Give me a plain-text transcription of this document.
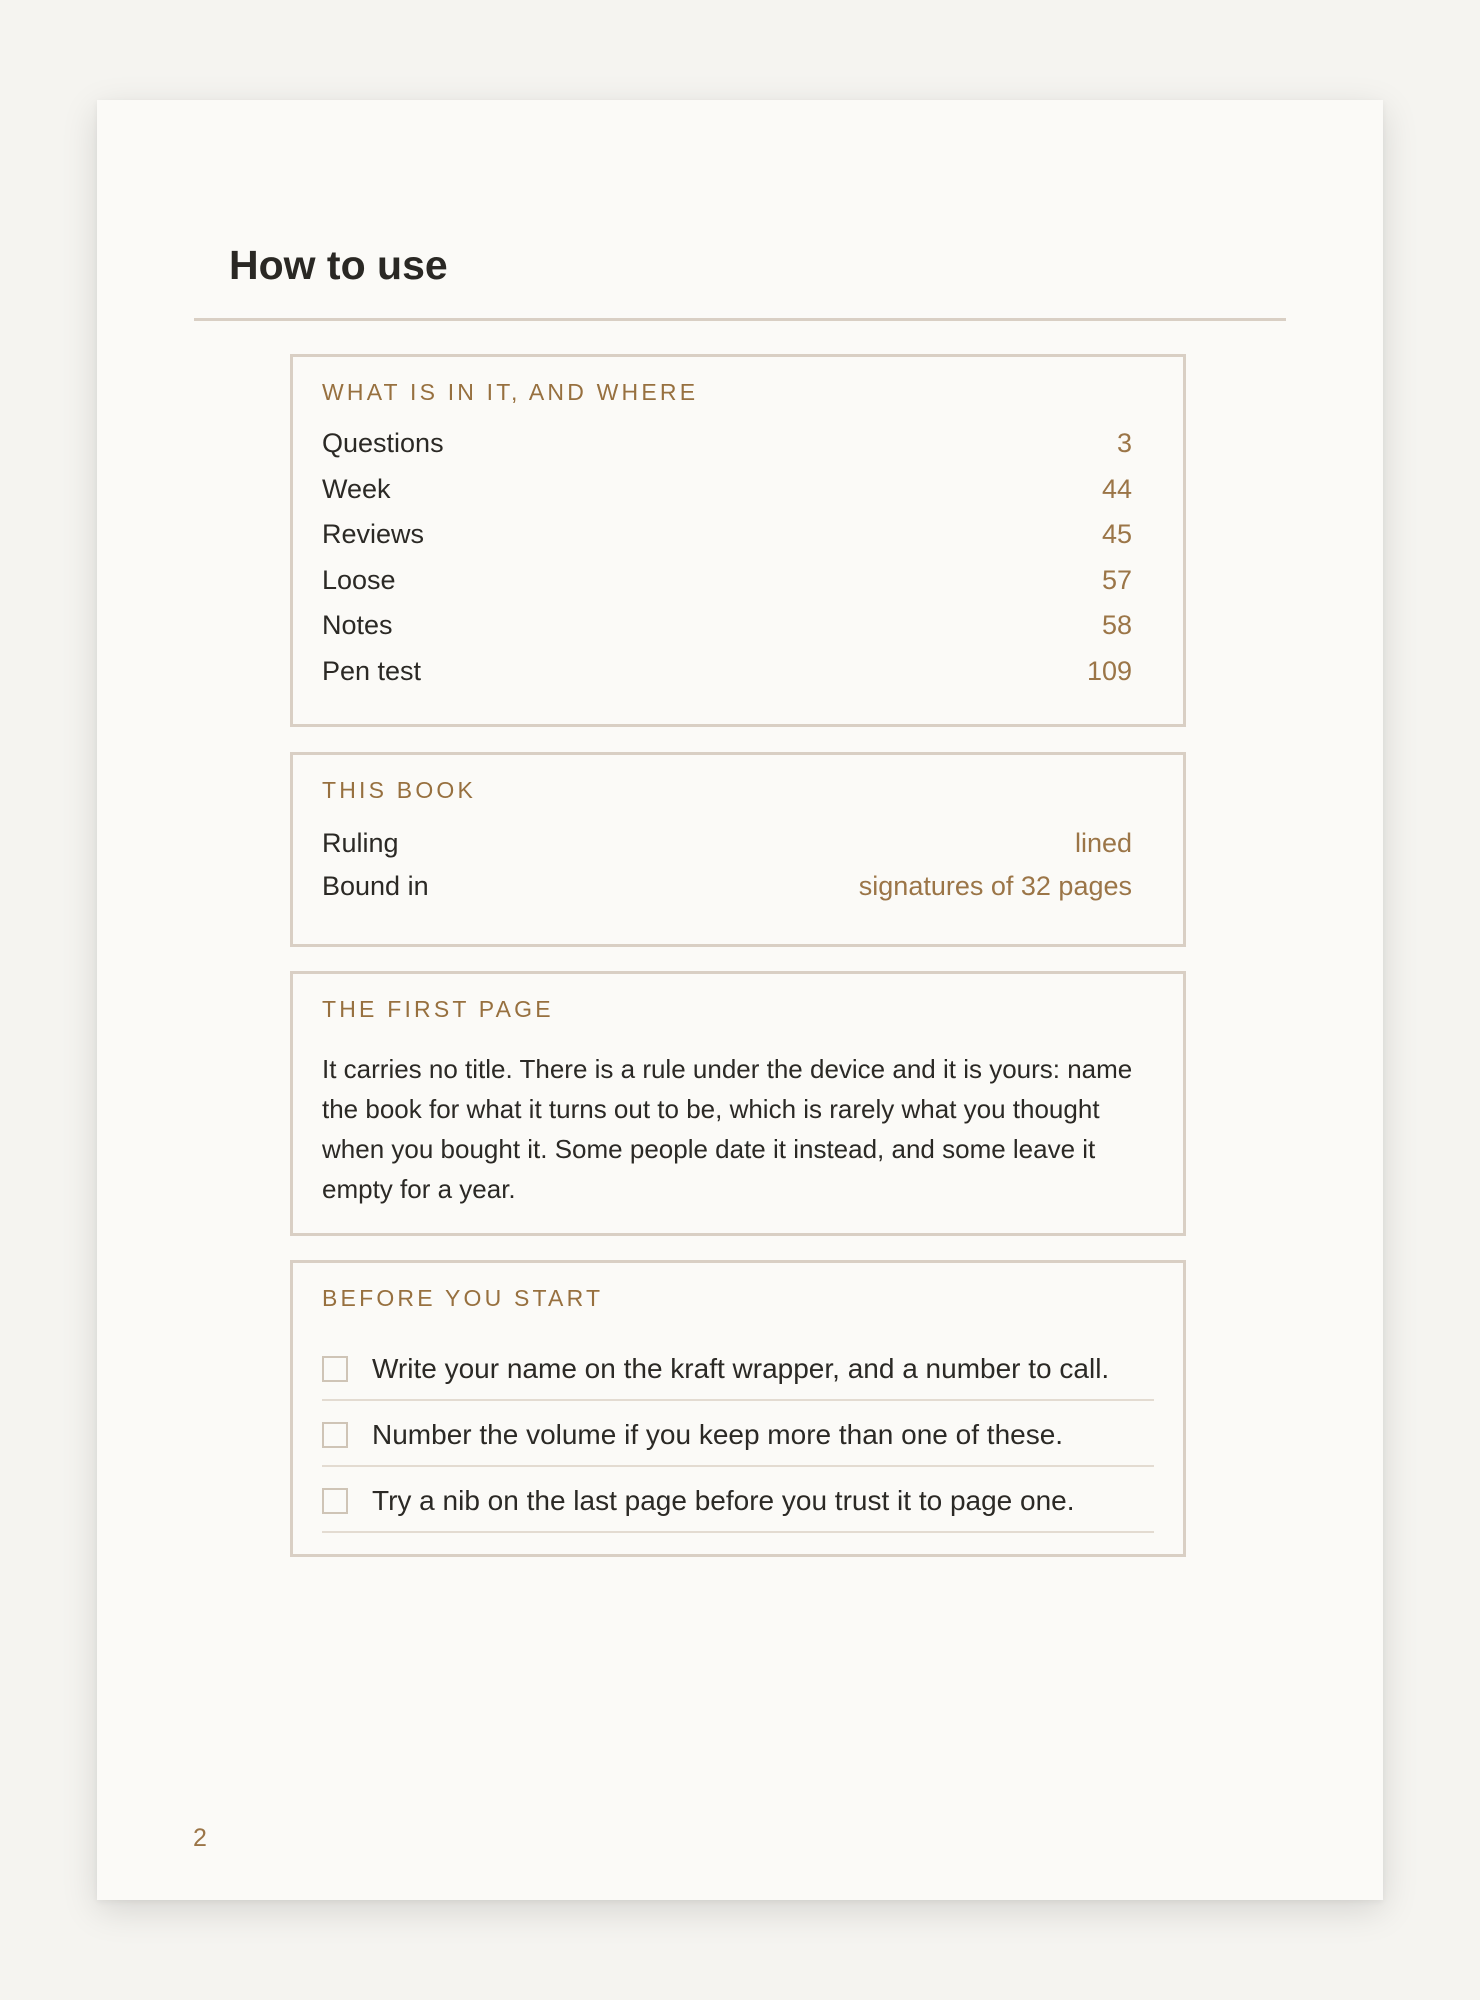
How to use
WHAT IS IN IT, AND WHERE
Questions	3
Week	44
Reviews	45
Loose	57
Notes	58
Pen test	109
THIS BOOK
Ruling	lined
Bound in	signatures of 32 pages
THE FIRST PAGE

It carries no title. There is a rule under the device and it is yours: name the book for what it turns out to be, which is rarely what you thought when you bought it. Some people date it instead, and some leave it empty for a year.

BEFORE YOU START
Write your name on the kraft wrapper, and a number to call.
Number the volume if you keep more than one of these.
Try a nib on the last page before you trust it to page one.
2
